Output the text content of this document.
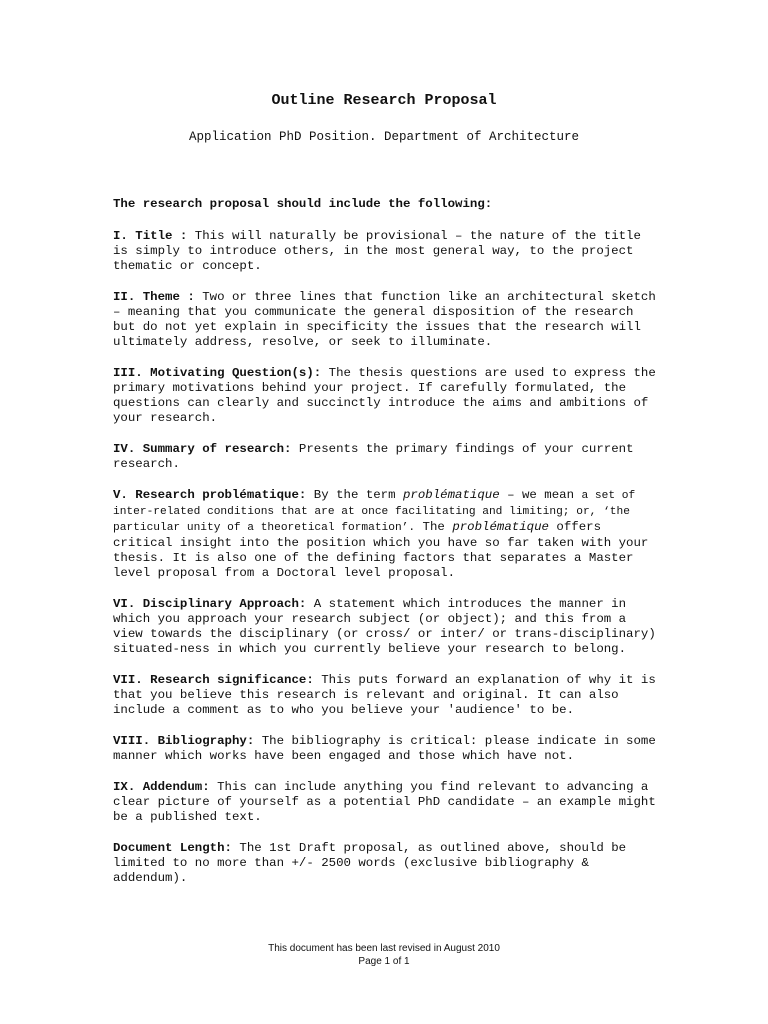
Outline Research Proposal

Application PhD Position. Department of Architecture

The research proposal should include the following:

I. Title : This will naturally be provisional – the nature of the title is simply to introduce others, in the most general way, to the project thematic or concept.

II. Theme : Two or three lines that function like an architectural sketch – meaning that you communicate the general disposition of the research but do not yet explain in specificity the issues that the research will ultimately address, resolve, or seek to illuminate.

III. Motivating Question(s): The thesis questions are used to express the primary motivations behind your project. If carefully formulated, the questions can clearly and succinctly introduce the aims and ambitions of your research.

IV. Summary of research: Presents the primary findings of your current research.

V. Research problématique: By the term problématique – we mean a set of inter-related conditions that are at once facilitating and limiting; or, ‘the particular unity of a theoretical formation’. The problématique offers critical insight into the position which you have so far taken with your thesis. It is also one of the defining factors that separates a Master level proposal from a Doctoral level proposal.

VI. Disciplinary Approach: A statement which introduces the manner in which you approach your research subject (or object); and this from a view towards the disciplinary (or cross/ or inter/ or trans-disciplinary) situated-ness in which you currently believe your research to belong.

VII. Research significance: This puts forward an explanation of why it is that you believe this research is relevant and original. It can also include a comment as to who you believe your 'audience' to be.

VIII. Bibliography: The bibliography is critical: please indicate in some manner which works have been engaged and those which have not.

IX. Addendum: This can include anything you find relevant to advancing a clear picture of yourself as a potential PhD candidate – an example might be a published text.

Document Length: The 1st Draft proposal, as outlined above, should be limited to no more than +/- 2500 words (exclusive bibliography & addendum).

This document has been last revised in August 2010
Page 1 of 1
